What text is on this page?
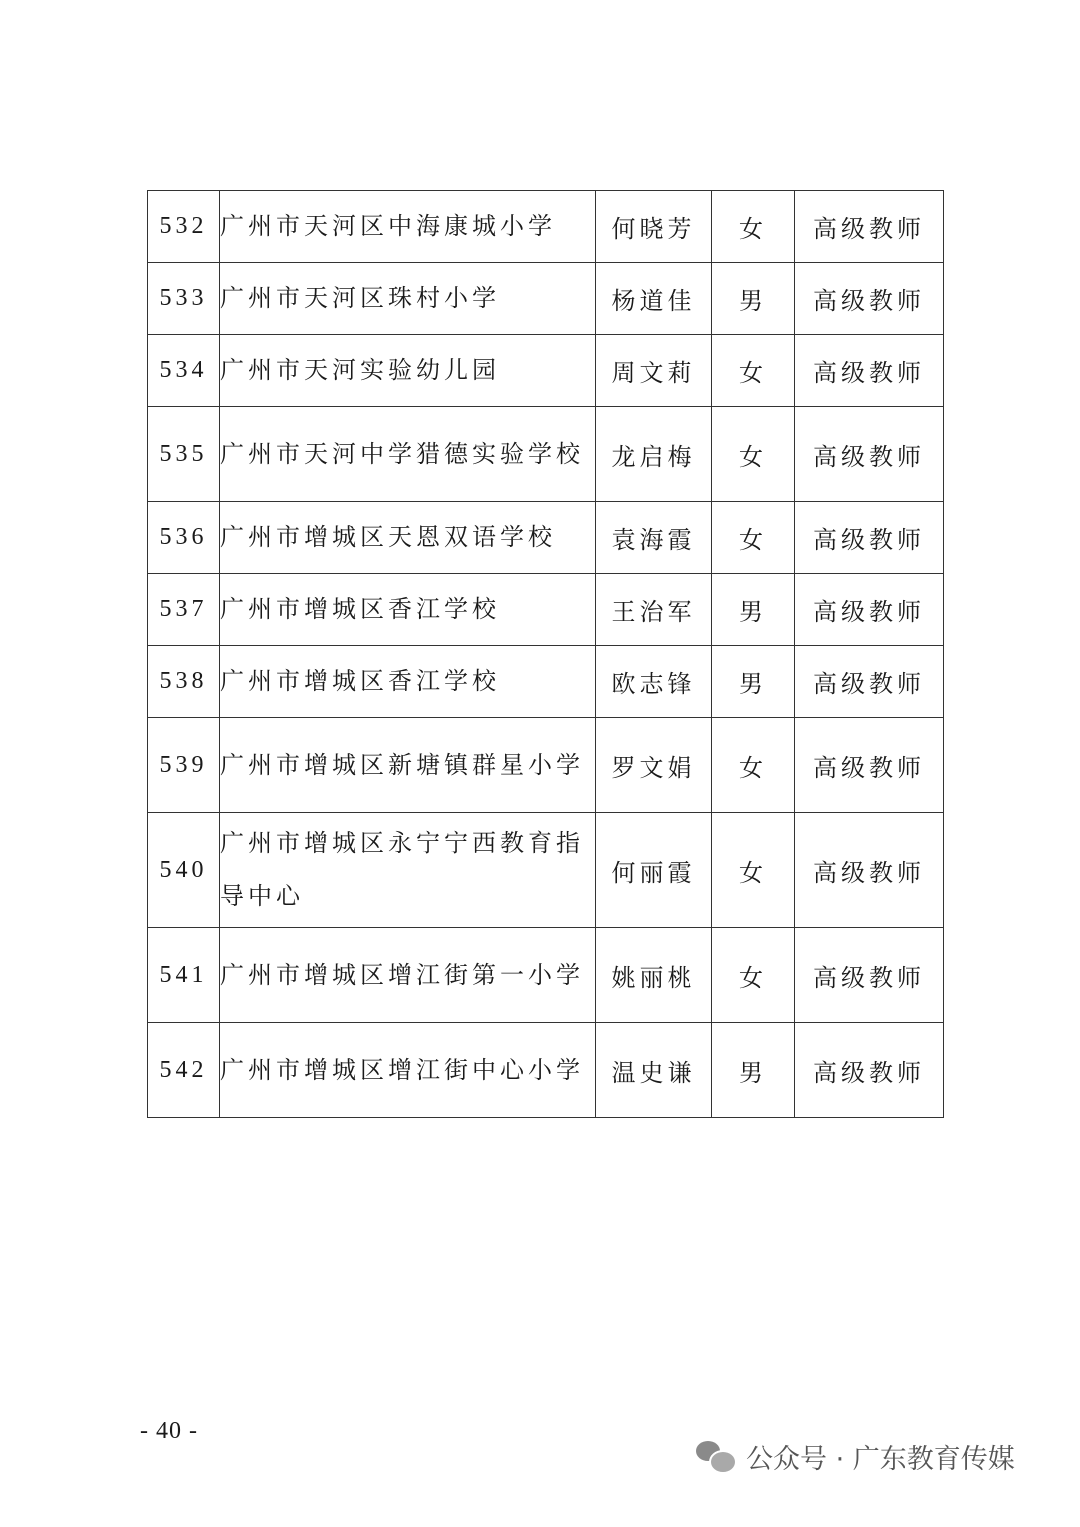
532	广州市天河区中海康城小学	何晓芳	女	高级教师
533	广州市天河区珠村小学	杨道佳	男	高级教师
534	广州市天河实验幼儿园	周文莉	女	高级教师
535	广州市天河中学猎德实验学校	龙启梅	女	高级教师
536	广州市增城区天恩双语学校	袁海霞	女	高级教师
537	广州市增城区香江学校	王治军	男	高级教师
538	广州市增城区香江学校	欧志锋	男	高级教师
539	广州市增城区新塘镇群星小学	罗文娟	女	高级教师
540	广州市增城区永宁宁西教育指导中心	何丽霞	女	高级教师
541	广州市增城区增江街第一小学	姚丽桃	女	高级教师
542	广州市增城区增江街中心小学	温史谦	男	高级教师
- 40 -
公众号 · 广东教育传媒
